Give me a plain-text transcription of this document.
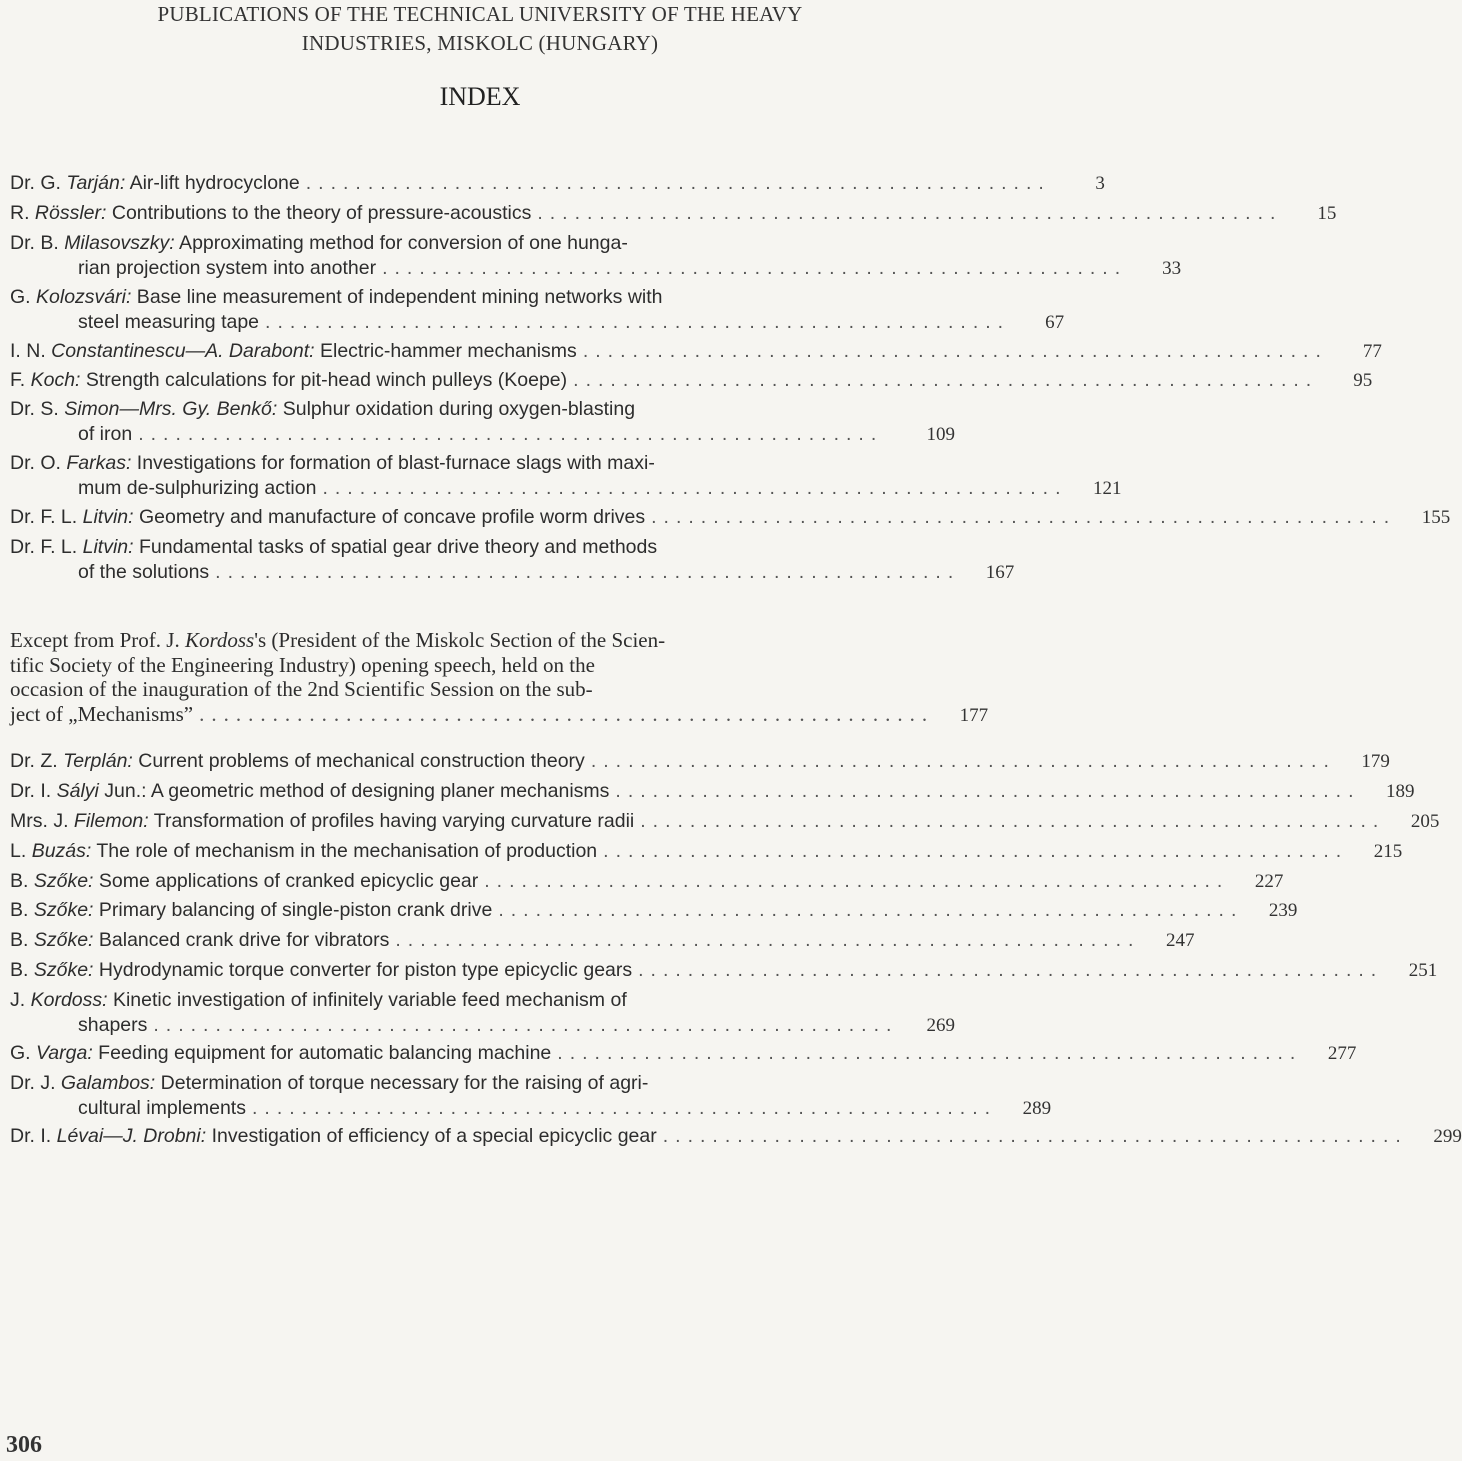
PUBLICATIONS OF THE TECHNICAL UNIVERSITY OF THE HEAVY
INDUSTRIES, MISKOLC (HUNGARY)
INDEX
Dr. G. Tarján: Air-lift hydrocyclone ............................................................	3
R. Rössler: Contributions to the theory of pressure-acoustics ............................................................	15
Dr. B. Milasovszky: Approximating method for conversion of one hunga-
rian projection system into another ............................................................	33
G. Kolozsvári: Base line measurement of independent mining networks with
steel measuring tape ............................................................	67
I. N. Constantinescu—A. Darabont: Electric-hammer mechanisms ............................................................	77
F. Koch: Strength calculations for pit-head winch pulleys (Koepe) ............................................................	95
Dr. S. Simon—Mrs. Gy. Benkő: Sulphur oxidation during oxygen-blasting
of iron ............................................................	109
Dr. O. Farkas: Investigations for formation of blast-furnace slags with maxi-
mum de-sulphurizing action ............................................................	121
Dr. F. L. Litvin: Geometry and manufacture of concave profile worm drives ............................................................	155
Dr. F. L. Litvin: Fundamental tasks of spatial gear drive theory and methods
of the solutions ............................................................	167
Except from Prof. J. Kordoss's (President of the Miskolc Section of the Scien-
tific Society of the Engineering Industry) opening speech, held on the
occasion of the inauguration of the 2nd Scientific Session on the sub-
ject of „Mechanisms” ............................................................	177
Dr. Z. Terplán: Current problems of mechanical construction theory ............................................................	179
Dr. I. Sályi Jun.: A geometric method of designing planer mechanisms ............................................................	189
Mrs. J. Filemon: Transformation of profiles having varying curvature radii ............................................................	205
L. Buzás: The role of mechanism in the mechanisation of production ............................................................	215
B. Szőke: Some applications of cranked epicyclic gear ............................................................	227
B. Szőke: Primary balancing of single-piston crank drive ............................................................	239
B. Szőke: Balanced crank drive for vibrators ............................................................	247
B. Szőke: Hydrodynamic torque converter for piston type epicyclic gears ............................................................	251
J. Kordoss: Kinetic investigation of infinitely variable feed mechanism of
shapers ............................................................	269
G. Varga: Feeding equipment for automatic balancing machine ............................................................	277
Dr. J. Galambos: Determination of torque necessary for the raising of agri-
cultural implements ............................................................	289
Dr. I. Lévai—J. Drobni: Investigation of efficiency of a special epicyclic gear ............................................................	299
306
